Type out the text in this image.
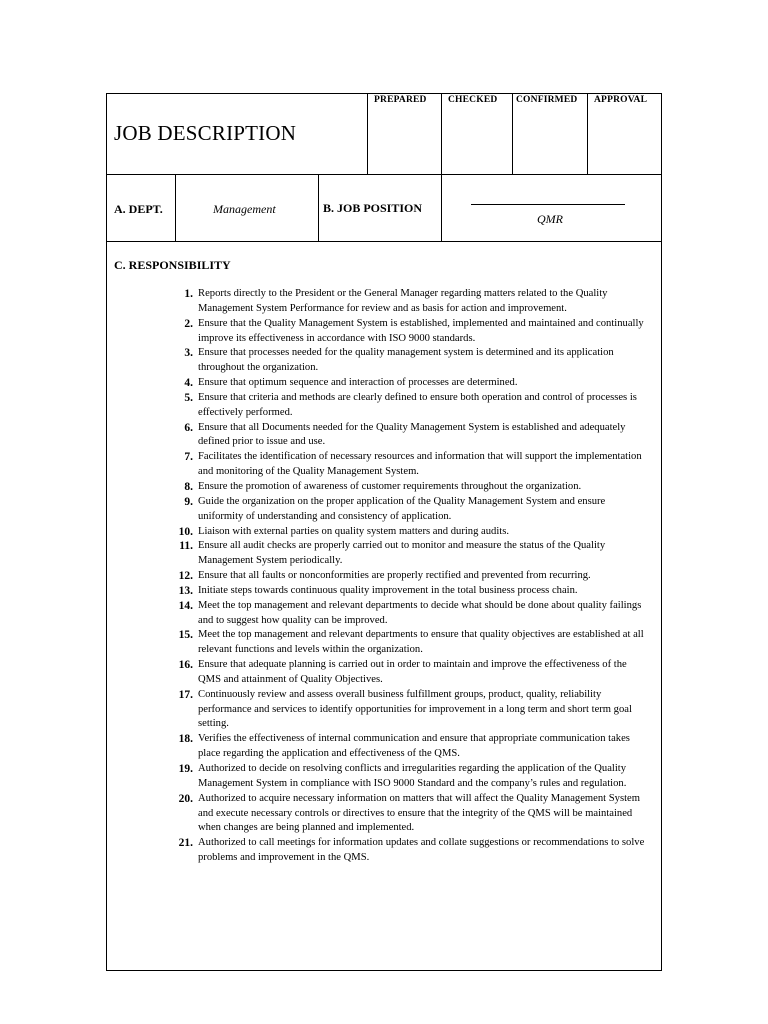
JOB DESCRIPTION
PREPARED CHECKED CONFIRMED APPROVAL
A. DEPT.	Management	B. JOB POSITION
QMR
C. RESPONSIBILITY
1. Reports directly to the President or the General Manager regarding matters related to the Quality Management System Performance for review and as basis for action and improvement.
2. Ensure that the Quality Management System is established, implemented and maintained and continually improve its effectiveness in accordance with ISO 9000 standards.
3. Ensure that processes needed for the quality management system is determined and its application throughout the organization.
4. Ensure that optimum sequence and interaction of processes are determined.
5. Ensure that criteria and methods are clearly defined to ensure both operation and control of processes is effectively performed.
6. Ensure that all Documents needed for the Quality Management System is established and adequately defined prior to issue and use.
7. Facilitates the identification of necessary resources and information that will support the implementation and monitoring of the Quality Management System.
8. Ensure the promotion of awareness of customer requirements throughout the organization.
9. Guide the organization on the proper application of the Quality Management System and ensure uniformity of understanding and consistency of application.
10. Liaison with external parties on quality system matters and during audits.
11. Ensure all audit checks are properly carried out to monitor and measure the status of the Quality Management System periodically.
12. Ensure that all faults or nonconformities are properly rectified and prevented from recurring.
13. Initiate steps towards continuous quality improvement in the total business process chain.
14. Meet the top management and relevant departments to decide what should be done about quality failings and to suggest how quality can be improved.
15. Meet the top management and relevant departments to ensure that quality objectives are established at all relevant functions and levels within the organization.
16. Ensure that adequate planning is carried out in order to maintain and improve the effectiveness of the QMS and attainment of Quality Objectives.
17. Continuously review and assess overall business fulfillment groups, product, quality, reliability performance and services to identify opportunities for improvement in a long term and short term goal setting.
18. Verifies the effectiveness of internal communication and ensure that appropriate communication takes place regarding the application and effectiveness of the QMS.
19. Authorized to decide on resolving conflicts and irregularities regarding the application of the Quality Management System in compliance with ISO 9000 Standard and the company’s rules and regulation.
20. Authorized to acquire necessary information on matters that will affect the Quality Management System and execute necessary controls or directives to ensure that the integrity of the QMS will be maintained when changes are being planned and implemented.
21. Authorized to call meetings for information updates and collate suggestions or recommendations to solve problems and improvement in the QMS.
